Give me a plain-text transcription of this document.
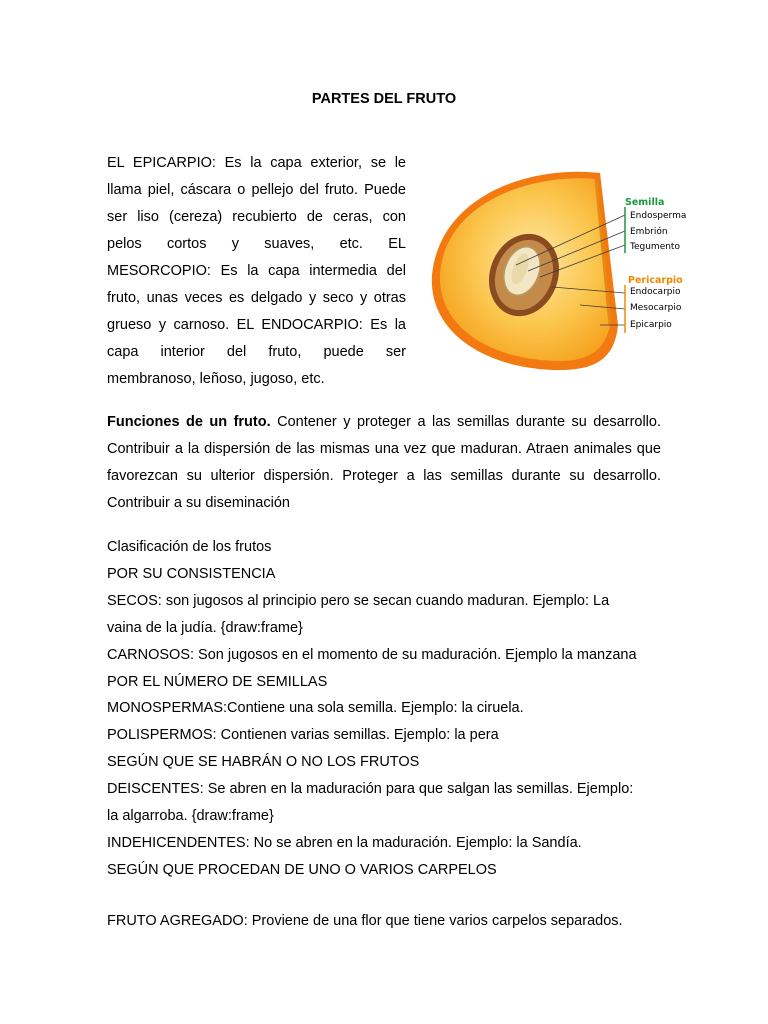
PARTES DEL FRUTO

EL EPICARPIO: Es la capa exterior, se le llama piel, cáscara o pellejo del fruto. Puede ser liso (cereza) recubierto de ceras, con pelos cortos y suaves, etc. EL MESORCOPIO: Es la capa intermedia del fruto, unas veces es delgado y seco y otras grueso y carnoso. EL ENDOCARPIO: Es la capa interior del fruto, puede ser membranoso, leñoso, jugoso, etc.

Semilla
Endosperma
Embrión
Tegumento
Pericarpio
Endocarpio
Mesocarpio
Epicarpio

Funciones de un fruto. Contener y proteger a las semillas durante su desarrollo. Contribuir a la dispersión de las mismas una vez que maduran. Atraen animales que favorezcan su ulterior dispersión. Proteger a las semillas durante su desarrollo. Contribuir a su diseminación

Clasificación de los frutos
POR SU CONSISTENCIA
SECOS: son jugosos al principio pero se secan cuando maduran. Ejemplo: La
vaina de la judía. {draw:frame}
CARNOSOS: Son jugosos en el momento de su maduración. Ejemplo la manzana
POR EL NÚMERO DE SEMILLAS
MONOSPERMAS:Contiene una sola semilla. Ejemplo: la ciruela.
POLISPERMOS: Contienen varias semillas. Ejemplo: la pera
SEGÚN QUE SE HABRÁN O NO LOS FRUTOS
DEISCENTES: Se abren en la maduración para que salgan las semillas. Ejemplo:
la algarroba. {draw:frame}
INDEHICENDENTES: No se abren en la maduración. Ejemplo: la Sandía.
SEGÚN QUE PROCEDAN DE UNO O VARIOS CARPELOS
FRUTO AGREGADO: Proviene de una flor que tiene varios carpelos separados.
